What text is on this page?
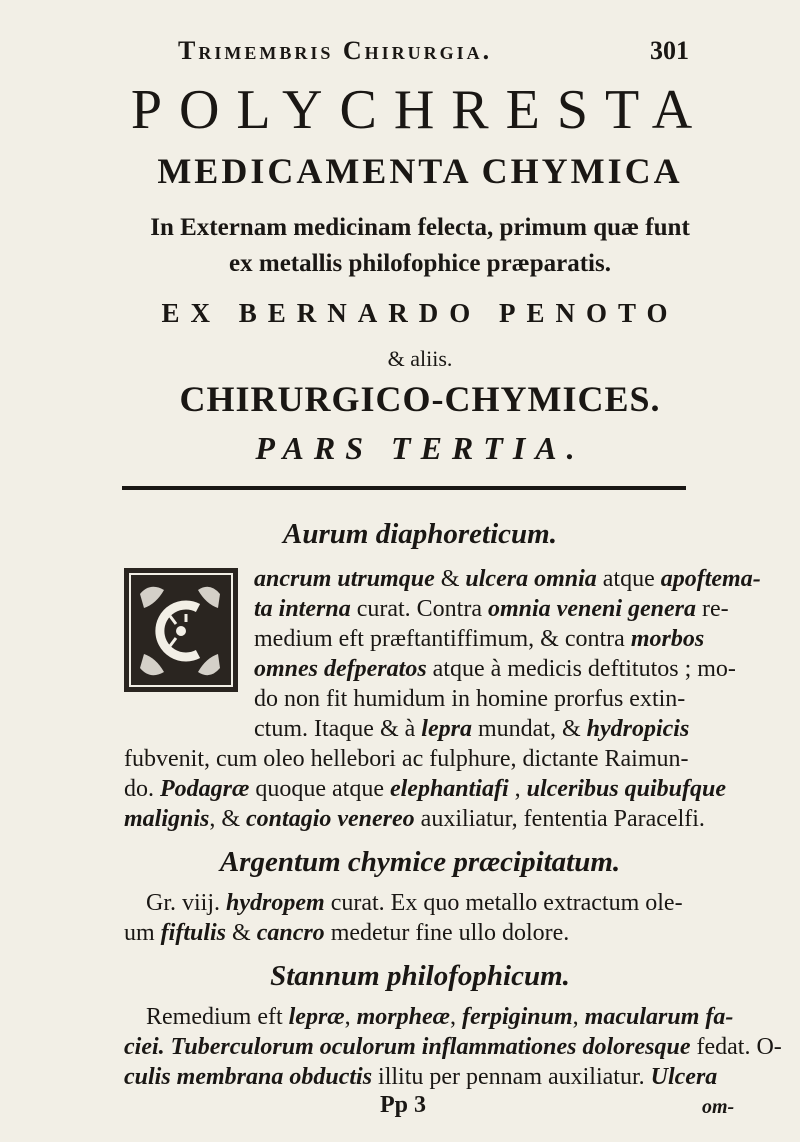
Trimembris Chirurgia.	301
POLYCHRESTA
MEDICAMENTA CHYMICA
In Externam medicinam felecta, primum quæ funt
ex metallis philofophice præparatis.
EX BERNARDO PENOTO
& aliis.
CHIRURGICO-CHYMICES.
PARS TERTIA.
Aurum diaphoreticum.
ancrum utrumque & ulcera omnia atque apoftema-
ta interna curat. Contra omnia veneni genera re-
medium eft præftantiffimum, & contra morbos
omnes defperatos atque à medicis deftitutos ; mo-
do non fit humidum in homine prorfus extin-
ctum. Itaque & à lepra mundat, & hydropicis
fubvenit, cum oleo hellebori ac fulphure, dictante Raimun-
do. Podagræ quoque atque elephantiafi , ulceribus quibufque
malignis, & contagio venereo auxiliatur, fententia Paracelfi.
Argentum chymice præcipitatum.
Gr. viij. hydropem curat. Ex quo metallo extractum ole-
um fiftulis & cancro medetur fine ullo dolore.
Stannum philofophicum.
Remedium eft lepræ, morpheæ, ferpiginum, macularum fa-
ciei. Tuberculorum oculorum inflammationes doloresque fedat. O-
culis membrana obductis illitu per pennam auxiliatur. Ulcera
Pp 3	om-
